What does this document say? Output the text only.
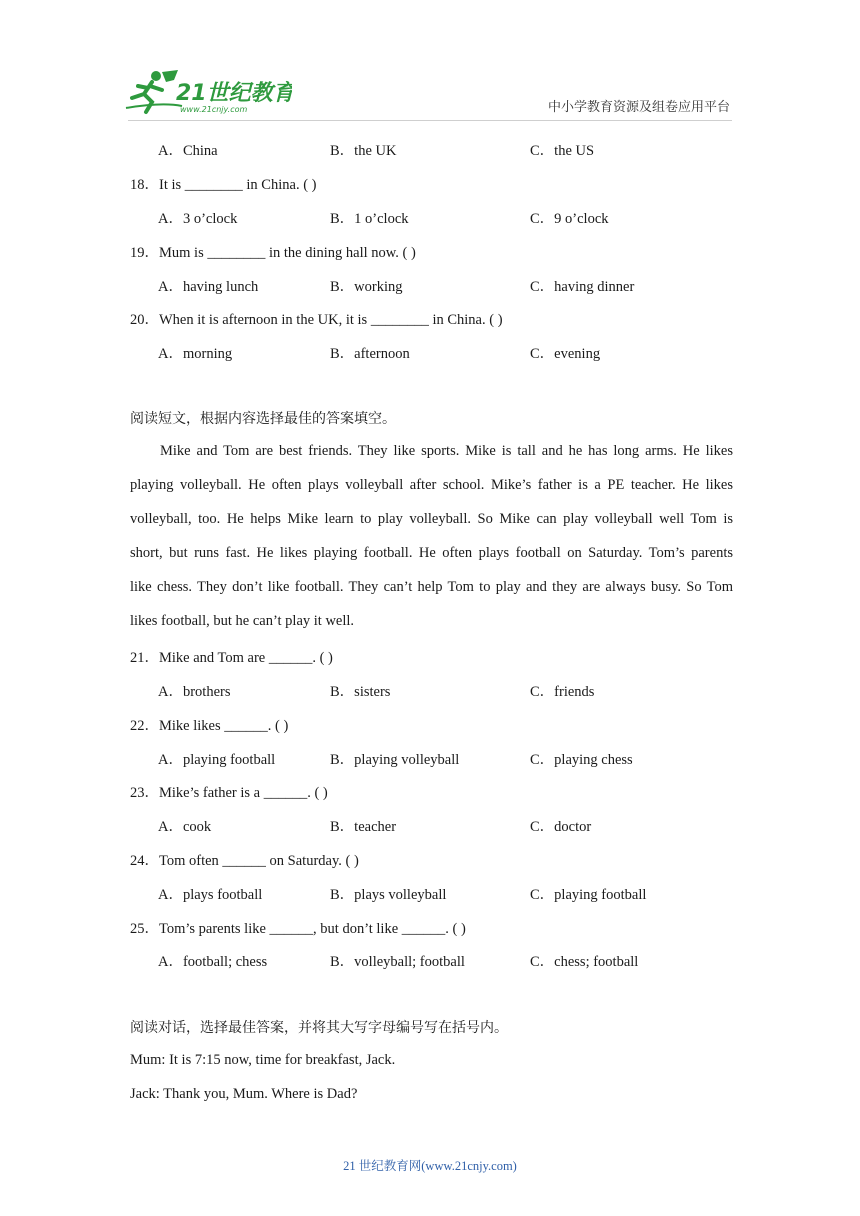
21世纪教育
www.21cnjy.com	中小学教育资源及组卷应用平台
A．China	B．the UK	C．the US
18．It is ________ in China. ( )
A．3 o’clock	B．1 o’clock	C．9 o’clock
19．Mum is ________ in the dining hall now. ( )
A．having lunch	B．working	C．having dinner
20．When it is afternoon in the UK, it is ________ in China. ( )
A．morning	B．afternoon	C．evening
阅读短文，根据内容选择最佳的答案填空。
Mike and Tom are best friends. They like sports. Mike is tall and he has long arms. He likes
playing volleyball. He often plays volleyball after school. Mike’s father is a PE teacher. He likes
volleyball, too. He helps Mike learn to play volleyball. So Mike can play volleyball well Tom is
short, but runs fast. He likes playing football. He often plays football on Saturday. Tom’s parents
like chess. They don’t like football. They can’t help Tom to play and they are always busy. So Tom
likes football, but he can’t play it well.
21．Mike and Tom are ______. ( )
A．brothers	B．sisters	C．friends
22．Mike likes ______. ( )
A．playing football	B．playing volleyball	C．playing chess
23．Mike’s father is a ______. ( )
A．cook	B．teacher	C．doctor
24．Tom often ______ on Saturday. ( )
A．plays football	B．plays volleyball	C．playing football
25．Tom’s parents like ______, but don’t like ______. ( )
A．football; chess	B．volleyball; football	C．chess; football
阅读对话，选择最佳答案，并将其大写字母编号写在括号内。
Mum: It is 7:15 now, time for breakfast, Jack.
Jack: Thank you, Mum. Where is Dad?
21 世纪教育网(www.21cnjy.com)
